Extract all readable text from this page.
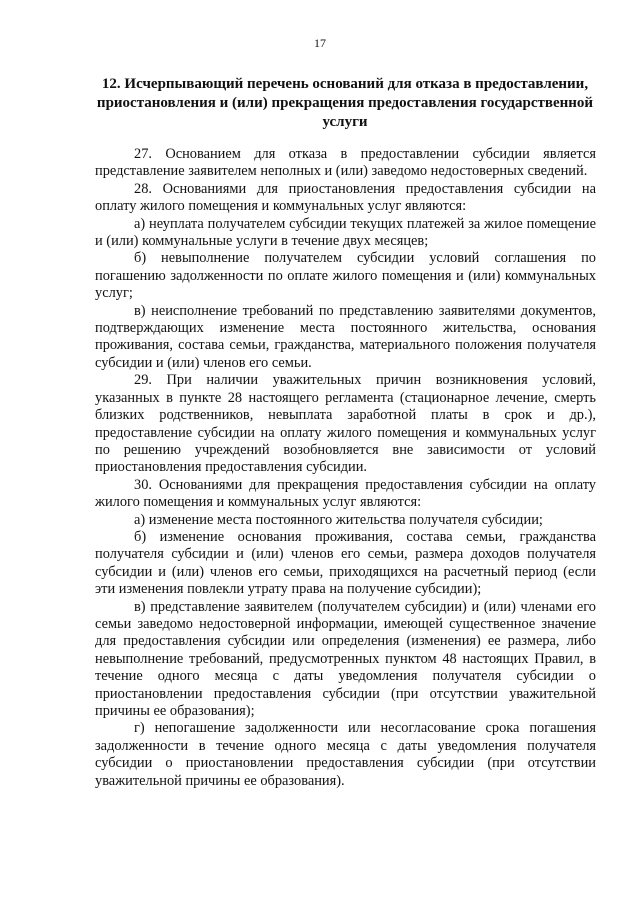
17
12. Исчерпывающий перечень оснований для отказа в предоставлении, приостановления и (или) прекращения предоставления государственной услуги

27. Основанием для отказа в предоставлении субсидии является представление заявителем неполных и (или) заведомо недостоверных сведений.

28. Основаниями для приостановления предоставления субсидии на оплату жилого помещения и коммунальных услуг являются:

а) неуплата получателем субсидии текущих платежей за жилое помещение и (или) коммунальные услуги в течение двух месяцев;

б) невыполнение получателем субсидии условий соглашения по погашению задолженности по оплате жилого помещения и (или) коммунальных услуг;

в) неисполнение требований по представлению заявителями документов, подтверждающих изменение места постоянного жительства, основания проживания, состава семьи, гражданства, материального положения получателя субсидии и (или) членов его семьи.

29. При наличии уважительных причин возникновения условий, указанных в пункте 28 настоящего регламента (стационарное лечение, смерть близких родственников, невыплата заработной платы в срок и др.), предоставление субсидии на оплату жилого помещения и коммунальных услуг по решению учреждений возобновляется вне зависимости от условий приостановления предоставления субсидии.

30. Основаниями для прекращения предоставления субсидии на оплату жилого помещения и коммунальных услуг являются:

а) изменение места постоянного жительства получателя субсидии;

б) изменение основания проживания, состава семьи, гражданства получателя субсидии и (или) членов его семьи, размера доходов получателя субсидии и (или) членов его семьи, приходящихся на расчетный период (если эти изменения повлекли утрату права на получение субсидии);

в) представление заявителем (получателем субсидии) и (или) членами его семьи заведомо недостоверной информации, имеющей существенное значение для предоставления субсидии или определения (изменения) ее размера, либо невыполнение требований, предусмотренных пунктом 48 настоящих Правил, в течение одного месяца с даты уведомления получателя субсидии о приостановлении предоставления субсидии (при отсутствии уважительной причины ее образования);

г) непогашение задолженности или несогласование срока погашения задолженности в течение одного месяца с даты уведомления получателя субсидии о приостановлении предоставления субсидии (при отсутствии уважительной причины ее образования).
